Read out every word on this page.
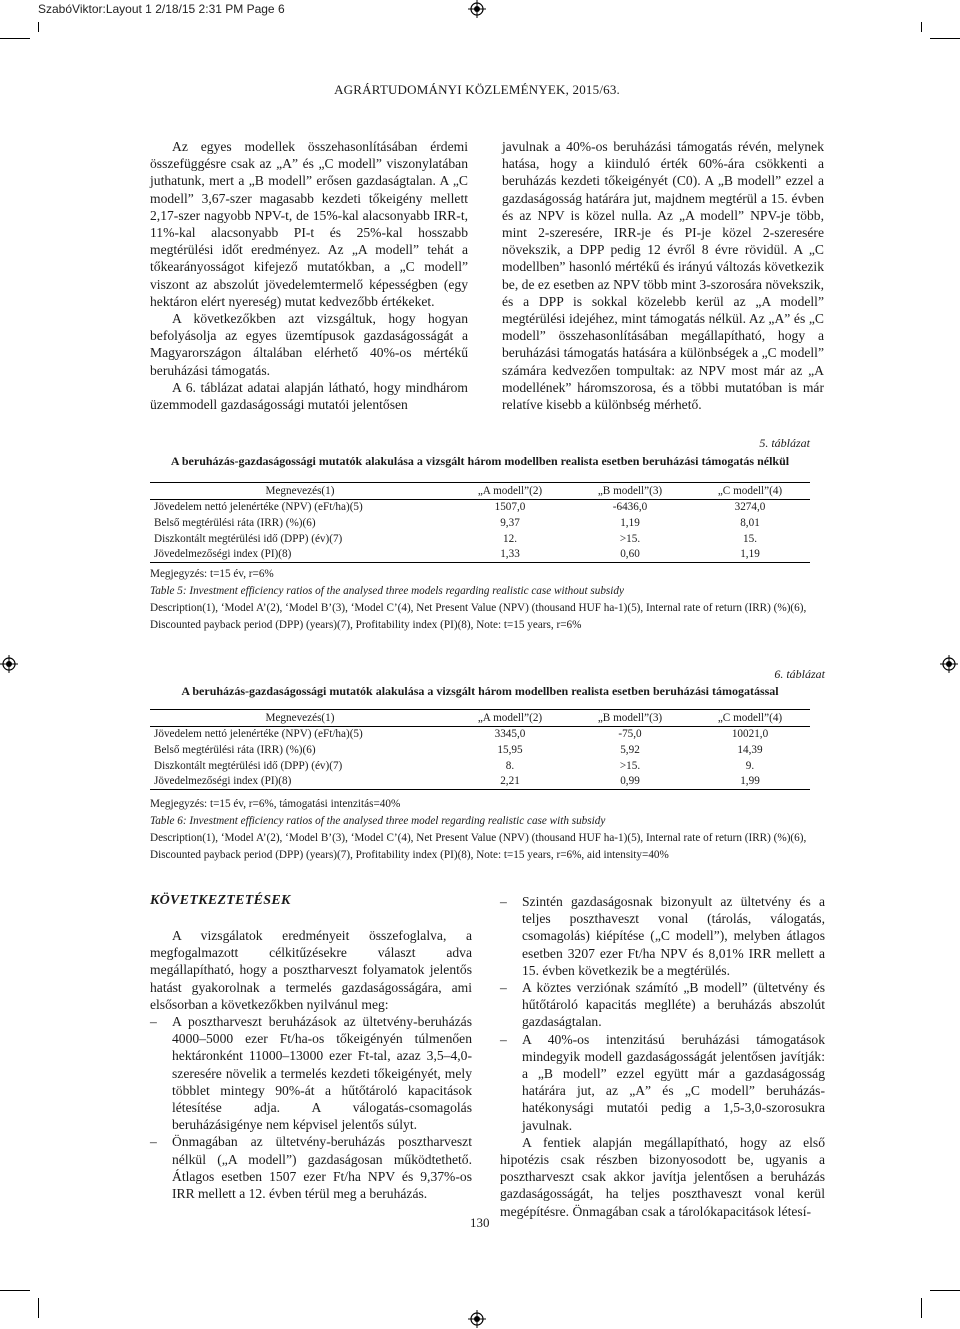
SzabóViktor:Layout 1 2/18/15 2:31 PM Page 6
AGRÁRTUDOMÁNYI KÖZLEMÉNYEK, 2015/63.

Az egyes modellek összehasonlításában érdemi összefüggésre csak az „A” és „C modell” viszonylatában juthatunk, mert a „B modell” erősen gazdaságtalan. A „C modell” 3,67-szer magasabb kezdeti tőkeigény mellett 2,17-szer nagyobb NPV-t, de 15%-kal alacsonyabb IRR-t, 11%-kal alacsonyabb PI-t és 25%-kal hosszabb megtérülési időt eredményez. Az „A modell” tehát a tőkearányosságot kifejező mutatókban, a „C modell” viszont az abszolút jövedelemtermelő képességben (egy hektáron elért nyereség) mutat kedvezőbb értékeket.

A következőkben azt vizsgáltuk, hogy hogyan befolyásolja az egyes üzemtípusok gazdaságosságát a Magyarországon általában elérhető 40%-os mértékű beruházási támogatás.

A 6. táblázat adatai alapján látható, hogy mindhárom üzemmodell gazdaságossági mutatói jelentősen

javulnak a 40%-os beruházási támogatás révén, melynek hatása, hogy a kiinduló érték 60%-ára csökkenti a beruházás kezdeti tőkeigényét (C0). A „B modell” ezzel a gazdaságosság határára jut, majdnem megtérül a 15. évben és az NPV is közel nulla. Az „A modell” NPV-je több, mint 2-szeresére, IRR-je és PI-je közel 2-szeresére növekszik, a DPP pedig 12 évről 8 évre rövidül. A „C modellben” hasonló mértékű és irányú változás következik be, de ez esetben az NPV több mint 3-szorosára növekszik, és a DPP is sokkal közelebb kerül az „A modell” megtérülési idejéhez, mint támogatás nélkül. Az „A” és „C modell” összehasonlításában megállapítható, hogy a beruházási támogatás hatására a különbségek a „C modell” számára kedvezően tompultak: az NPV most már az „A modellének” háromszorosa, és a többi mutatóban is már relatíve kisebb a különbség mérhető.

5. táblázat
A beruházás-gazdaságossági mutatók alakulása a vizsgált három modellben realista esetben beruházási támogatás nélkül
Megnevezés(1)	„A modell”(2)	„B modell”(3)	„C modell”(4)
Jövedelem nettó jelenértéke (NPV) (eFt/ha)(5)	1507,0	-6436,0	3274,0
Belső megtérülési ráta (IRR) (%)(6)	9,37	1,19	8,01
Diszkontált megtérülési idő (DPP) (év)(7)	12.	>15.	15.
Jövedelmezőségi index (PI)(8)	1,33	0,60	1,19
Megjegyzés: t=15 év, r=6%
Table 5: Investment efficiency ratios of the analysed three models regarding realistic case without subsidy
Description(1), ‘Model A’(2), ‘Model B’(3), ‘Model C’(4), Net Present Value (NPV) (thousand HUF ha-1)(5), Internal rate of return (IRR) (%)(6),
Discounted payback period (DPP) (years)(7), Profitability index (PI)(8), Note: t=15 years, r=6%
6. táblázat
A beruházás-gazdaságossági mutatók alakulása a vizsgált három modellben realista esetben beruházási támogatással
Megnevezés(1)	„A modell”(2)	„B modell”(3)	„C modell”(4)
Jövedelem nettó jelenértéke (NPV) (eFt/ha)(5)	3345,0	-75,0	10021,0
Belső megtérülési ráta (IRR) (%)(6)	15,95	5,92	14,39
Diszkontált megtérülési idő (DPP) (év)(7)	8.	>15.	9.
Jövedelmezőségi index (PI)(8)	2,21	0,99	1,99
Megjegyzés: t=15 év, r=6%, támogatási intenzitás=40%
Table 6: Investment efficiency ratios of the analysed three model regarding realistic case with subsidy
Description(1), ‘Model A’(2), ‘Model B’(3), ‘Model C’(4), Net Present Value (NPV) (thousand HUF ha-1)(5), Internal rate of return (IRR) (%)(6),
Discounted payback period (DPP) (years)(7), Profitability index (PI)(8), Note: t=15 years, r=6%, aid intensity=40%
KÖVETKEZTETÉSEK

A vizsgálatok eredményeit összefoglalva, a megfogalmazott célkitűzésekre választ adva megállapítható, hogy a posztharveszt folyamatok jelentős hatást gyakorolnak a termelés gazdaságosságára, ami elsősorban a következőkben nyilvánul meg:

– A posztharveszt beruházások az ültetvény-beruházás 4000–5000 ezer Ft/ha-os tőkeigényén túlmenően hektáronként 11000–13000 ezer Ft-tal, azaz 3,5–4,0-szeresére növelik a termelés kezdeti tőkeigényét, mely többlet mintegy 90%-át a hűtőtároló kapacitások létesítése adja. A válogatás-csomagolás beruházásigénye nem képvisel jelentős súlyt.
– Önmagában az ültetvény-beruházás posztharveszt nélkül („A modell”) gazdaságosan működtethető. Átlagos esetben 1507 ezer Ft/ha NPV és 9,37%-os IRR mellett a 12. évben térül meg a beruházás.
– Szintén gazdaságosnak bizonyult az ültetvény és a teljes poszthaveszt vonal (tárolás, válogatás, csomagolás) kiépítése („C modell”), melyben átlagos esetben 3207 ezer Ft/ha NPV és 8,01% IRR mellett a 15. évben következik be a megtérülés.
– A köztes verziónak számító „B modell” (ültetvény és hűtőtároló kapacitás meglléte) a beruházás abszolút gazdaságtalan.
– A 40%-os intenzitású beruházási támogatások mindegyik modell gazdaságosságát jelentősen javítják: a „B modell” ezzel együtt már a gazdaságosság határára jut, az „A” és „C modell” beruházás-hatékonysági mutatói pedig a 1,5-3,0-szorosukra javulnak.

A fentiek alapján megállapítható, hogy az első hipotézis csak részben bizonyosodott be, ugyanis a posztharveszt csak akkor javítja jelentősen a beruházás gazdaságosságát, ha teljes poszthaveszt vonal kerül megépítésre. Önmagában csak a tárolókapacitások létesí-

130
